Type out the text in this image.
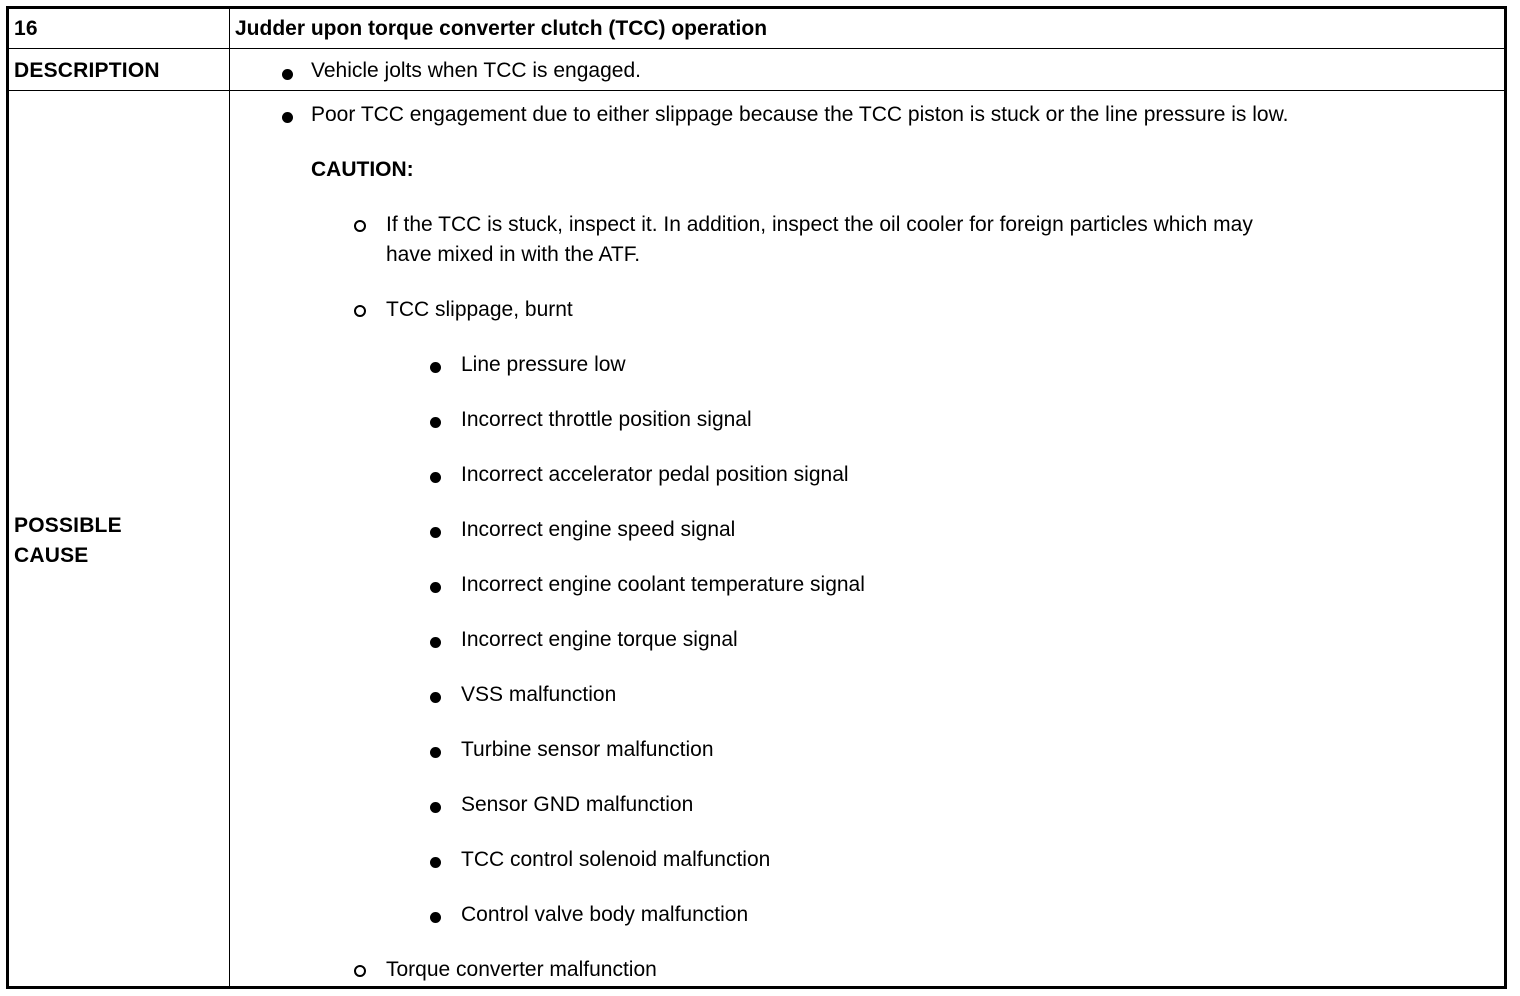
16	Judder upon torque converter clutch (TCC) operation
DESCRIPTION	Vehicle jolts when TCC is engaged.
POSSIBLE
CAUSE
Poor TCC engagement due to either slippage because the TCC piston is stuck or the line pressure is low.
CAUTION:
If the TCC is stuck, inspect it. In addition, inspect the oil cooler for foreign particles which may
have mixed in with the ATF.
TCC slippage, burnt
Line pressure low
Incorrect throttle position signal
Incorrect accelerator pedal position signal
Incorrect engine speed signal
Incorrect engine coolant temperature signal
Incorrect engine torque signal
VSS malfunction
Turbine sensor malfunction
Sensor GND malfunction
TCC control solenoid malfunction
Control valve body malfunction
Torque converter malfunction
